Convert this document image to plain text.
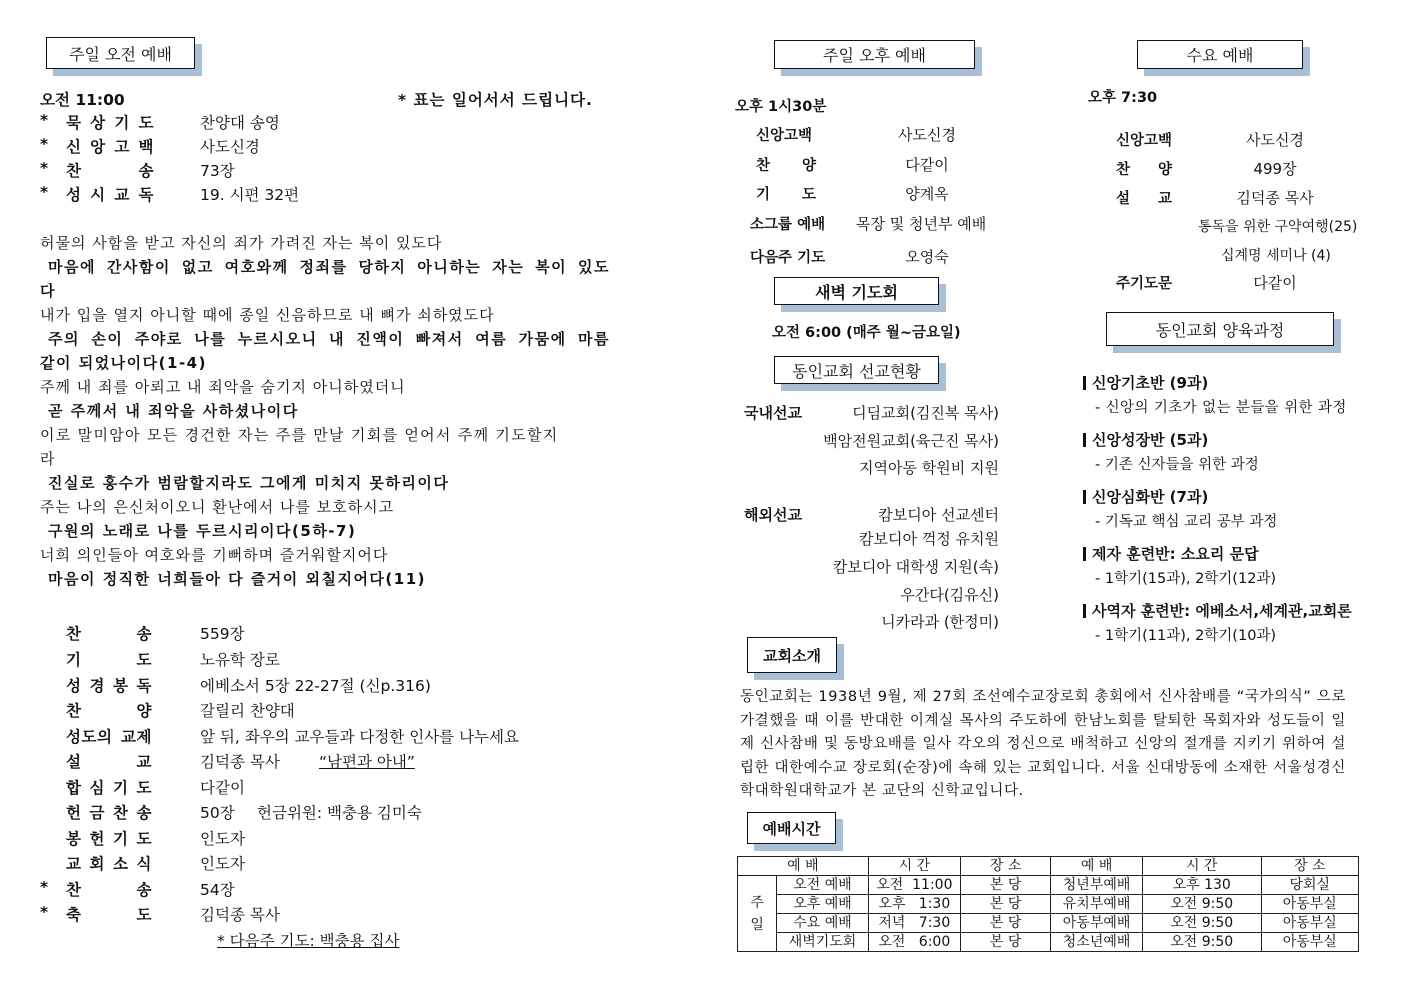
주일 오전 예배
오전 11:00	* 표는 일어서서 드립니다.
* 묵 상 기 도	찬양대 송영
* 신 앙 고 백	사도신경
* 찬 송	73장
* 성 시 교 독	19. 시편 32편
허물의 사함을 받고 자신의 죄가 가려진 자는 복이 있도다
마음에 간사함이 없고 여호와께 정죄를 당하지 아니하는 자는 복이 있도
다
내가 입을 열지 아니할 때에 종일 신음하므로 내 뼈가 쇠하였도다
주의 손이 주야로 나를 누르시오니 내 진액이 빠져서 여름 가뭄에 마름
같이 되었나이다(1-4)
주께 내 죄를 아뢰고 내 죄악을 숨기지 아니하였더니
곧 주께서 내 죄악을 사하셨나이다
이로 말미암아 모든 경건한 자는 주를 만날 기회를 얻어서 주께 기도할지
라
진실로 홍수가 범람할지라도 그에게 미치지 못하리이다
주는 나의 은신처이오니 환난에서 나를 보호하시고
구원의 노래로 나를 두르시리이다(5하-7)
너희 의인들아 여호와를 기뻐하며 즐거워할지어다
마음이 정직한 너희들아 다 즐거이 외칠지어다(11)
찬 송	559장
기 도	노유학 장로
성 경 봉 독	에베소서 5장 22-27절 (신p.316)
찬 양	갈릴리 찬양대
성도의 교제	앞 뒤, 좌우의 교우들과 다정한 인사를 나누세요
설 교	김덕종 목사	“남편과 아내”
합 심 기 도	다같이
헌 금 찬 송	50장 헌금위원: 백충용 김미숙
봉 헌 기 도	인도자
교 회 소 식	인도자
* 찬 송	54장
* 축 도	김덕종 목사
* 다음주 기도: 백충용 집사
주일 오후 예배
오후 1시30분
신앙고백	사도신경
찬 양	다같이
기 도	양계옥
소그룹 예배 목장 및 청년부 예배
다음주 기도	오영숙
새벽 기도회
오전 6:00 (매주 월~금요일)
동인교회 선교현황
국내선교	디딤교회(김진복 목사)
백암전원교회(육근진 목사)
지역아동 학원비 지원
해외선교	캄보디아 선교센터
캄보디아 꺽정 유치원
캄보디아 대학생 지원(속)
우간다(김유신)
니카라과 (한정미)
수요 예배
오후 7:30
신앙고백	사도신경
찬 양	499장
설 교	김덕종 목사
통독을 위한 구약여행(25)
십계명 세미나 (4)
주기도문	다같이
동인교회 양육과정
신앙기초반 (9과)
- 신앙의 기초가 없는 분들을 위한 과정
신앙성장반 (5과)
- 기존 신자들을 위한 과정
신앙심화반 (7과)
- 기독교 핵심 교리 공부 과정
제자 훈련반: 소요리 문답
- 1학기(15과), 2학기(12과)
사역자 훈련반: 에베소서,세계관,교회론
- 1학기(11과), 2학기(10과)
교회소개
동인교회는 1938년 9월, 제 27회 조선예수교장로회 총회에서 신사참배를 “국가의식” 으로 가결했을 때 이를 반대한 이계실 목사의 주도하에 한남노회를 탈퇴한 목회자와 성도들이 일제 신사참배 및 동방요배를 일사 각오의 정신으로 배척하고 신앙의 절개를 지키기 위하여 설립한 대한예수교 장로회(순장)에 속해 있는 교회입니다. 서울 신대방동에 소재한 서울성경신학대학원대학교가 본 교단의 신학교입니다.
예배시간
예 배		시 간	장 소	예 배	시 간	장 소
주일	오전 예배	오전  11:00	본 당	청년부예배	오후 130	당회실
	오후 예배	오후   1:30	본 당	유치부예배	오전 9:50	아동부실
	수요 예배	저녁   7:30	본 당	아동부예배	오전 9:50	아동부실
	새벽기도회	오전   6:00	본 당	청소년예배	오전 9:50	아동부실
